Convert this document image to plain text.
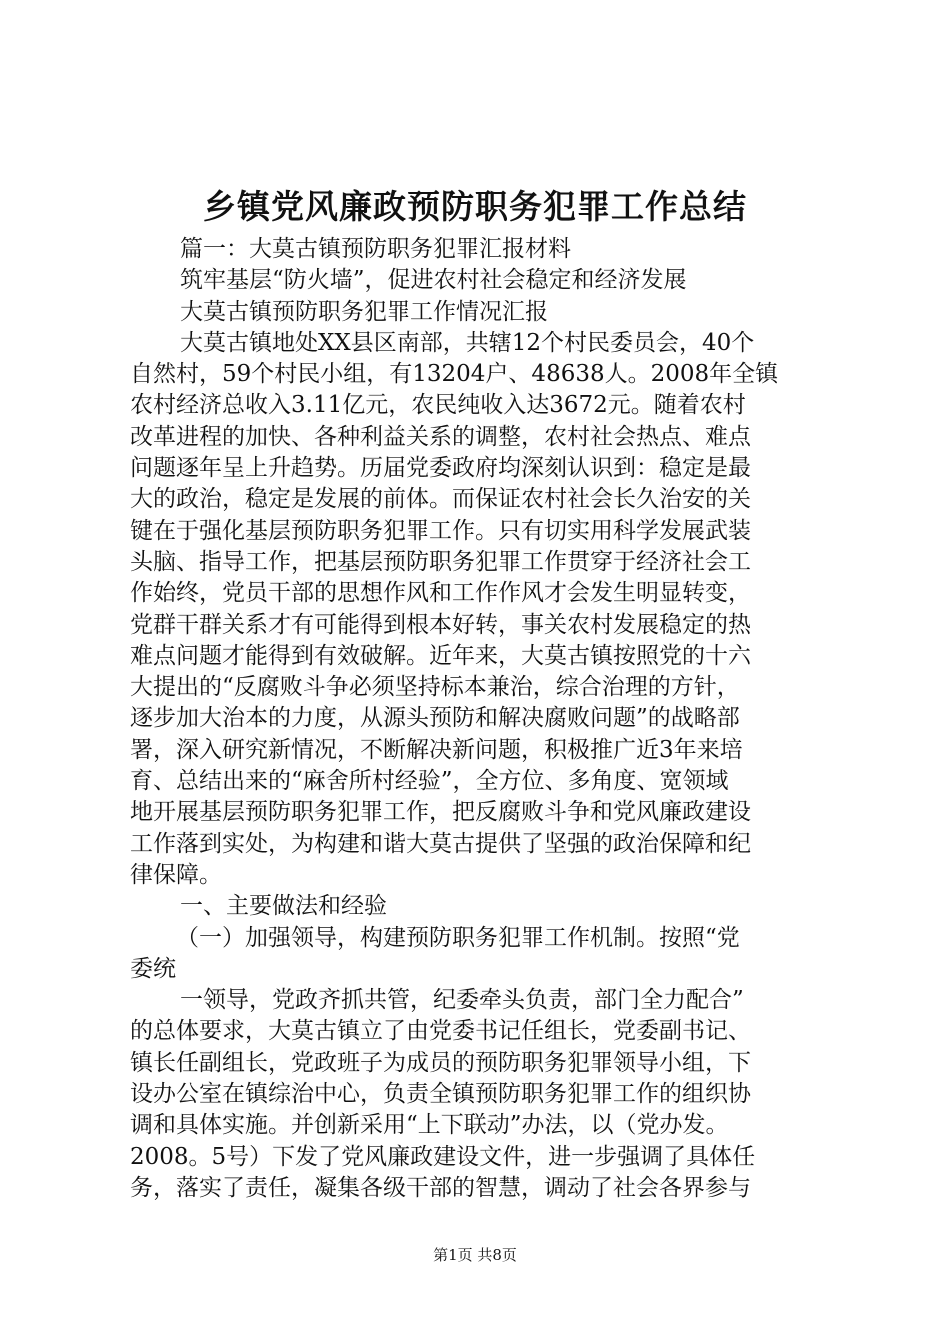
乡镇党风廉政预防职务犯罪工作总结
篇一：大莫古镇预防职务犯罪汇报材料
筑牢基层“防火墙”，促进农村社会稳定和经济发展
大莫古镇预防职务犯罪工作情况汇报
大莫古镇地处XX县区南部，共辖12个村民委员会，40个
自然村，59个村民小组，有13204户、48638人。2008年全镇
农村经济总收入3.11亿元，农民纯收入达3672元。随着农村
改革进程的加快、各种利益关系的调整，农村社会热点、难点
问题逐年呈上升趋势。历届党委政府均深刻认识到：稳定是最
大的政治，稳定是发展的前体。而保证农村社会长久治安的关
键在于强化基层预防职务犯罪工作。只有切实用科学发展武装
头脑、指导工作，把基层预防职务犯罪工作贯穿于经济社会工
作始终，党员干部的思想作风和工作作风才会发生明显转变，
党群干群关系才有可能得到根本好转，事关农村发展稳定的热
难点问题才能得到有效破解。近年来，大莫古镇按照党的十六
大提出的“反腐败斗争必须坚持标本兼治，综合治理的方针，
逐步加大治本的力度，从源头预防和解决腐败问题”的战略部
署，深入研究新情况，不断解决新问题，积极推广近3年来培
育、总结出来的“麻舍所村经验”，全方位、多角度、宽领域
地开展基层预防职务犯罪工作，把反腐败斗争和党风廉政建设
工作落到实处，为构建和谐大莫古提供了坚强的政治保障和纪
律保障。
一、主要做法和经验
（一）加强领导，构建预防职务犯罪工作机制。按照“党
委统
一领导，党政齐抓共管，纪委牵头负责，部门全力配合”
的总体要求，大莫古镇立了由党委书记任组长，党委副书记、
镇长任副组长，党政班子为成员的预防职务犯罪领导小组，下
设办公室在镇综治中心，负责全镇预防职务犯罪工作的组织协
调和具体实施。并创新采用“上下联动”办法，以（党办发。
2008。5号）下发了党风廉政建设文件，进一步强调了具体任
务，落实了责任，凝集各级干部的智慧，调动了社会各界参与
第1页 共8页
